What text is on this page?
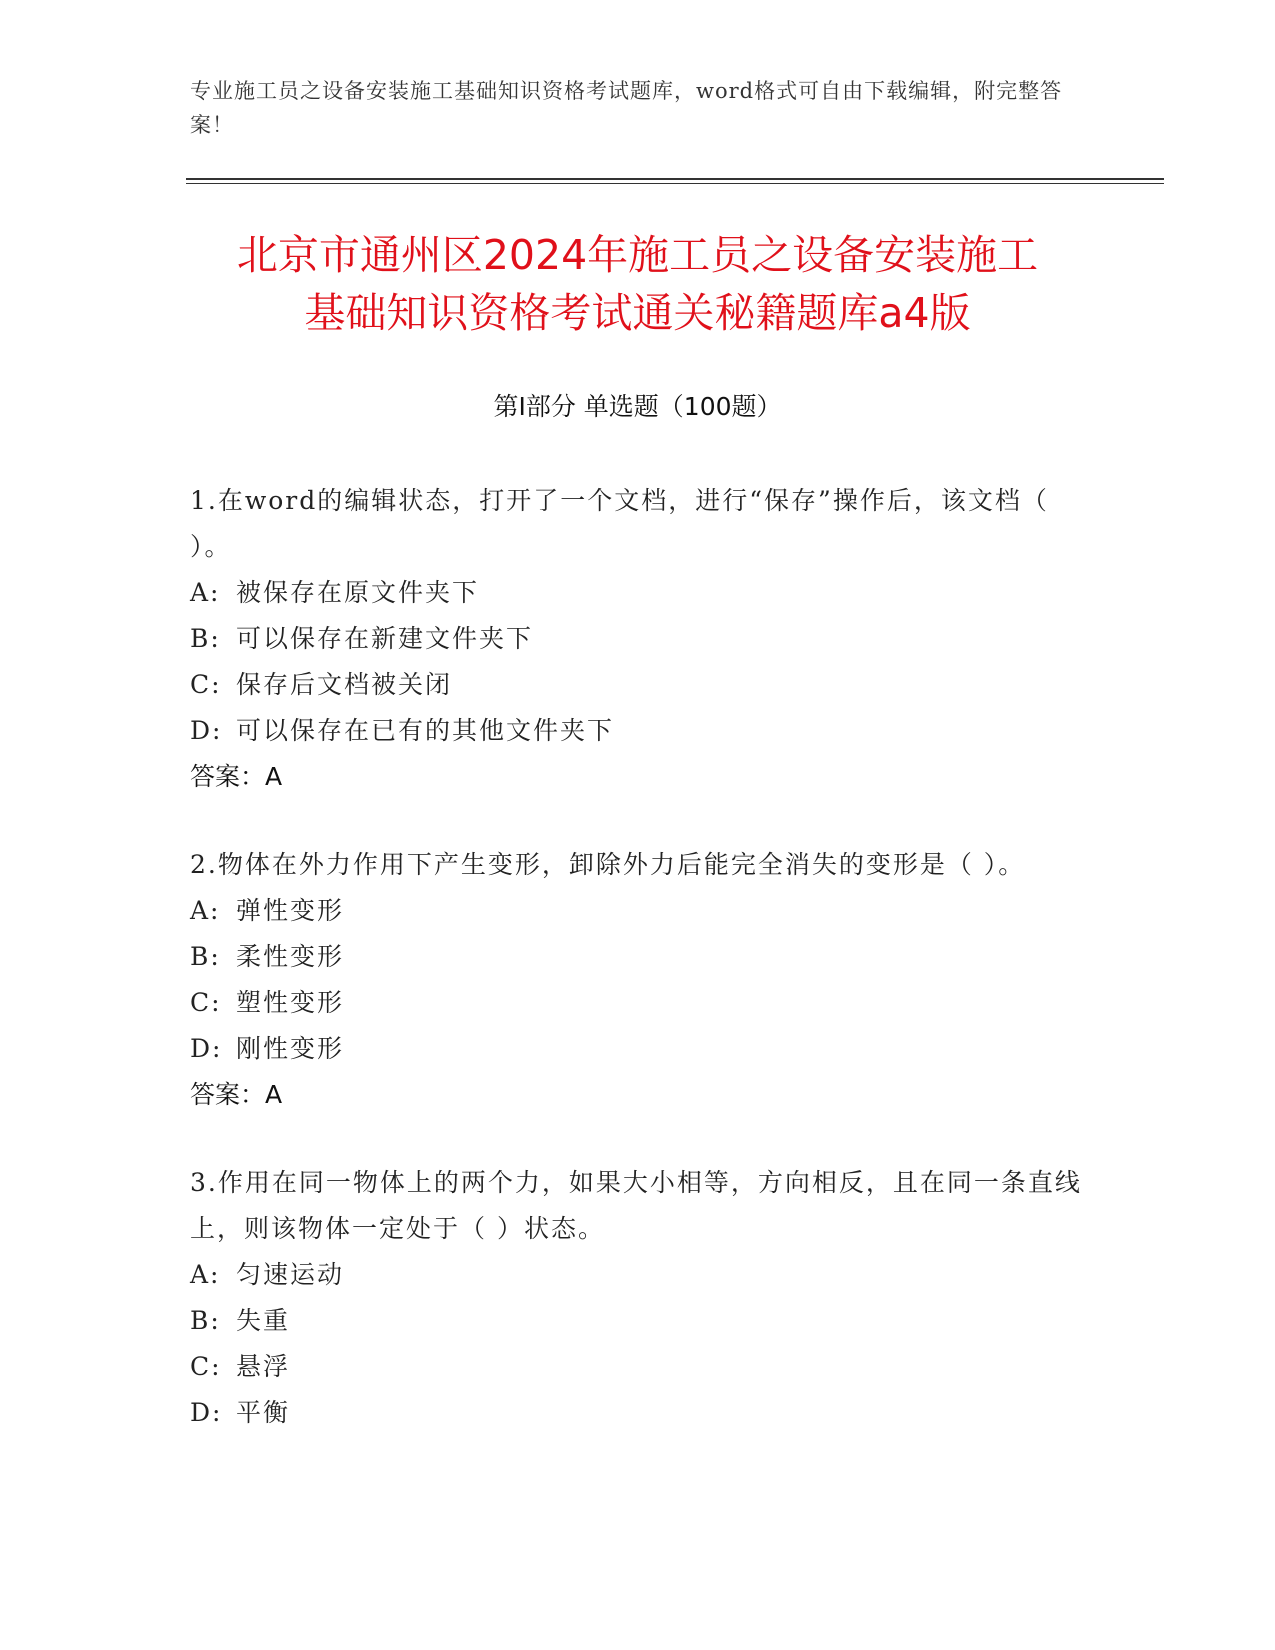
专业施工员之设备安装施工基础知识资格考试题库，word格式可自由下载编辑，附完整答案！
北京市通州区2024年施工员之设备安装施工
基础知识资格考试通关秘籍题库a4版
第I部分 单选题（100题）

1.在word的编辑状态，打开了一个文档，进行“保存”操作后，该文档（ ）。

A: 被保存在原文件夹下

B: 可以保存在新建文件夹下

C: 保存后文档被关闭

D: 可以保存在已有的其他文件夹下

答案：A

2.物体在外力作用下产生变形，卸除外力后能完全消失的变形是（ ）。

A: 弹性变形

B: 柔性变形

C: 塑性变形

D: 刚性变形

答案：A

3.作用在同一物体上的两个力，如果大小相等，方向相反，且在同一条直线上，则该物体一定处于（ ）状态。

A: 匀速运动

B: 失重

C: 悬浮

D: 平衡
